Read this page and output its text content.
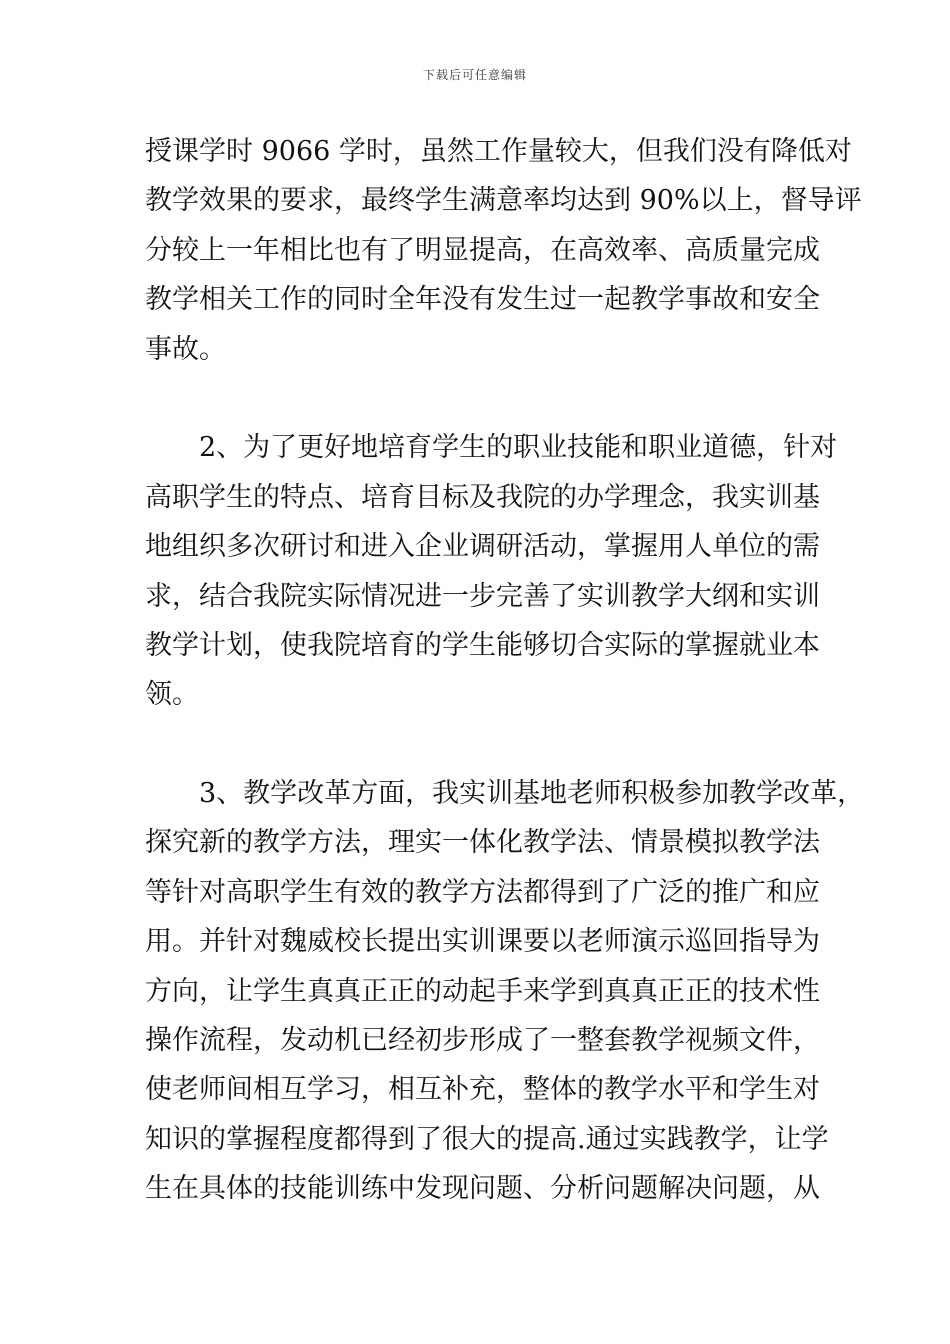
下载后可任意编辑
授课学时 9066 学时，虽然工作量较大，但我们没有降低对
教学效果的要求，最终学生满意率均达到 90%以上，督导评
分较上一年相比也有了明显提高，在高效率、高质量完成
教学相关工作的同时全年没有发生过一起教学事故和安全
事故。
　　2、为了更好地培育学生的职业技能和职业道德，针对
高职学生的特点、培育目标及我院的办学理念，我实训基
地组织多次研讨和进入企业调研活动，掌握用人单位的需
求，结合我院实际情况进一步完善了实训教学大纲和实训
教学计划，使我院培育的学生能够切合实际的掌握就业本
领。
　　3、教学改革方面，我实训基地老师积极参加教学改革，
探究新的教学方法，理实一体化教学法、情景模拟教学法
等针对高职学生有效的教学方法都得到了广泛的推广和应
用。并针对魏威校长提出实训课要以老师演示巡回指导为
方向，让学生真真正正的动起手来学到真真正正的技术性
操作流程，发动机已经初步形成了一整套教学视频文件，
使老师间相互学习，相互补充，整体的教学水平和学生对
知识的掌握程度都得到了很大的提高.通过实践教学，让学
生在具体的技能训练中发现问题、分析问题解决问题，从
